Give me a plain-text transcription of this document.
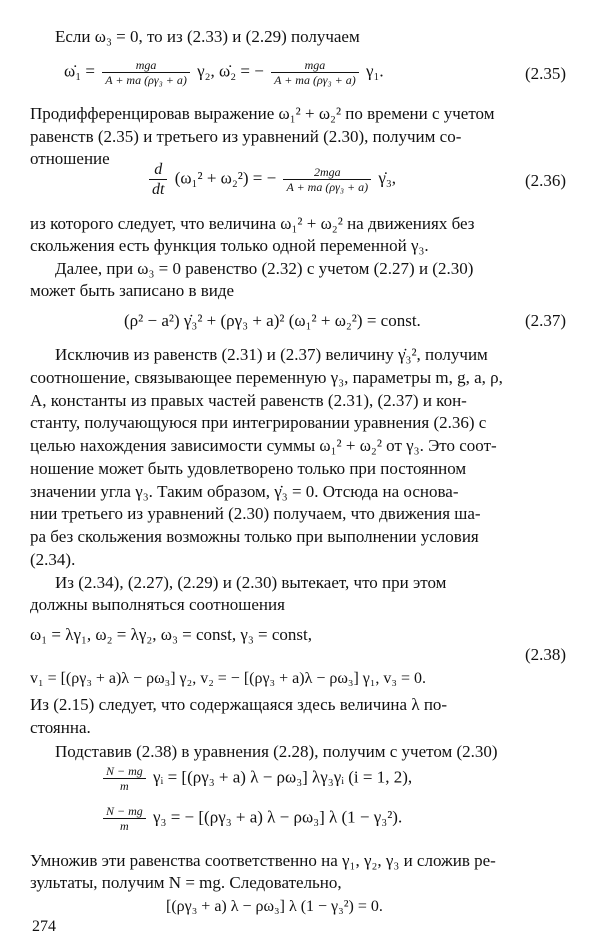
Если ω₃ = 0, то из (2.33) и (2.29) получаем
ω̇₁ = $\frac{\text{mga}}{\text{A + ma (ργ₃ + a)}} \gamma_2$, ω̇₂ = − $\frac{\text{mga}}{\text{A + ma (ργ₃ + a)}} \gamma_1$.	(2.35)
Продифференцировав выражение ω₁² + ω₂² по времени с учетом
равенств (2.35) и третьего из уравнений (2.30), получим со-
отношение
$\frac{d}{dt} (\omega_1^2 + \omega_2^2)$ = − $\frac{\text{2mga}}{\text{A + ma (ργ₃ + a)}}$ γ̇₃,	(2.36)
из которого следует, что величина ω₁² + ω₂² на движениях без
скольжения есть функция только одной переменной γ₃.
Далее, при ω₃ = 0 равенство (2.32) с учетом (2.27) и (2.30)
может быть записано в виде
(ρ² − a²) γ̇₃² + (ργ₃ + a)² (ω₁² + ω₂²) = const.	(2.37)
Исключив из равенств (2.31) и (2.37) величину γ̇₃², получим
соотношение, связывающее переменную γ₃, параметры m, g, a, ρ,
A, константы из правых частей равенств (2.31), (2.37) и кон-
станту, получающуюся при интегрировании уравнения (2.36) с
целью нахождения зависимости суммы ω₁² + ω₂² от γ₃. Это соот-
ношение может быть удовлетворено только при постоянном
значении угла γ₃. Таким образом, γ̇₃ = 0. Отсюда на основа-
нии третьего из уравнений (2.30) получаем, что движения ша-
ра без скольжения возможны только при выполнении условия
(2.34).
Из (2.34), (2.27), (2.29) и (2.30) вытекает, что при этом
должны выполняться соотношения
ω₁ = λγ₁, ω₂ = λγ₂, ω₃ = const, γ₃ = const,
(2.38)
v₁ = [(ργ₃ + a)λ − ρω₃] γ₂, v₂ = − [(ργ₃ + a)λ − ρω₃] γ₁, v₃ = 0.
Из (2.15) следует, что содержащаяся здесь величина λ по-
стоянна.
Подставив (2.38) в уравнения (2.28), получим с учетом (2.30)
$\frac{N - mg}{m}$ γᵢ = [(ργ₃ + a) λ − ρω₃] λγ₃γᵢ (i = 1, 2),
$\frac{N - mg}{m} \gamma_3$ = − [(ργ₃ + a) λ − ρω₃] λ (1 − γ₃²).
Умножив эти равенства соответственно на γ₁, γ₂, γ₃ и сложив ре-
зультаты, получим N = mg. Следовательно,
[(ργ₃ + a) λ − ρω₃] λ (1 − γ₃²) = 0.
274
